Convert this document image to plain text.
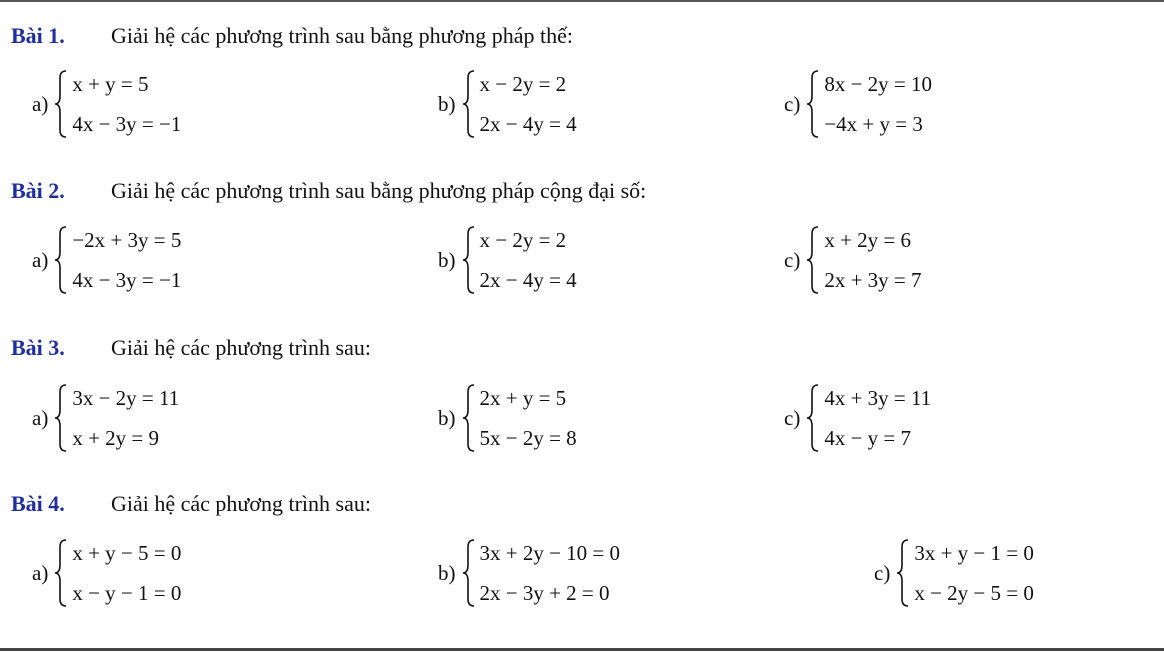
Bài 1. Giải hệ các phương trình sau bằng phương pháp thế:
a)
x + y = 5
4x − 3y = −1
b)
x − 2y = 2
2x − 4y = 4
c)
8x − 2y = 10
−4x + y = 3
Bài 2. Giải hệ các phương trình sau bằng phương pháp cộng đại số:
a)
−2x + 3y = 5
4x − 3y = −1
b)
x − 2y = 2
2x − 4y = 4
c)
x + 2y = 6
2x + 3y = 7
Bài 3. Giải hệ các phương trình sau:
a)
3x − 2y = 11
x + 2y = 9
b)
2x + y = 5
5x − 2y = 8
c)
4x + 3y = 11
4x − y = 7
Bài 4. Giải hệ các phương trình sau:
a)
x + y − 5 = 0
x − y − 1 = 0
b)
3x + 2y − 10 = 0
2x − 3y + 2 = 0
c)
3x + y − 1 = 0
x − 2y − 5 = 0
